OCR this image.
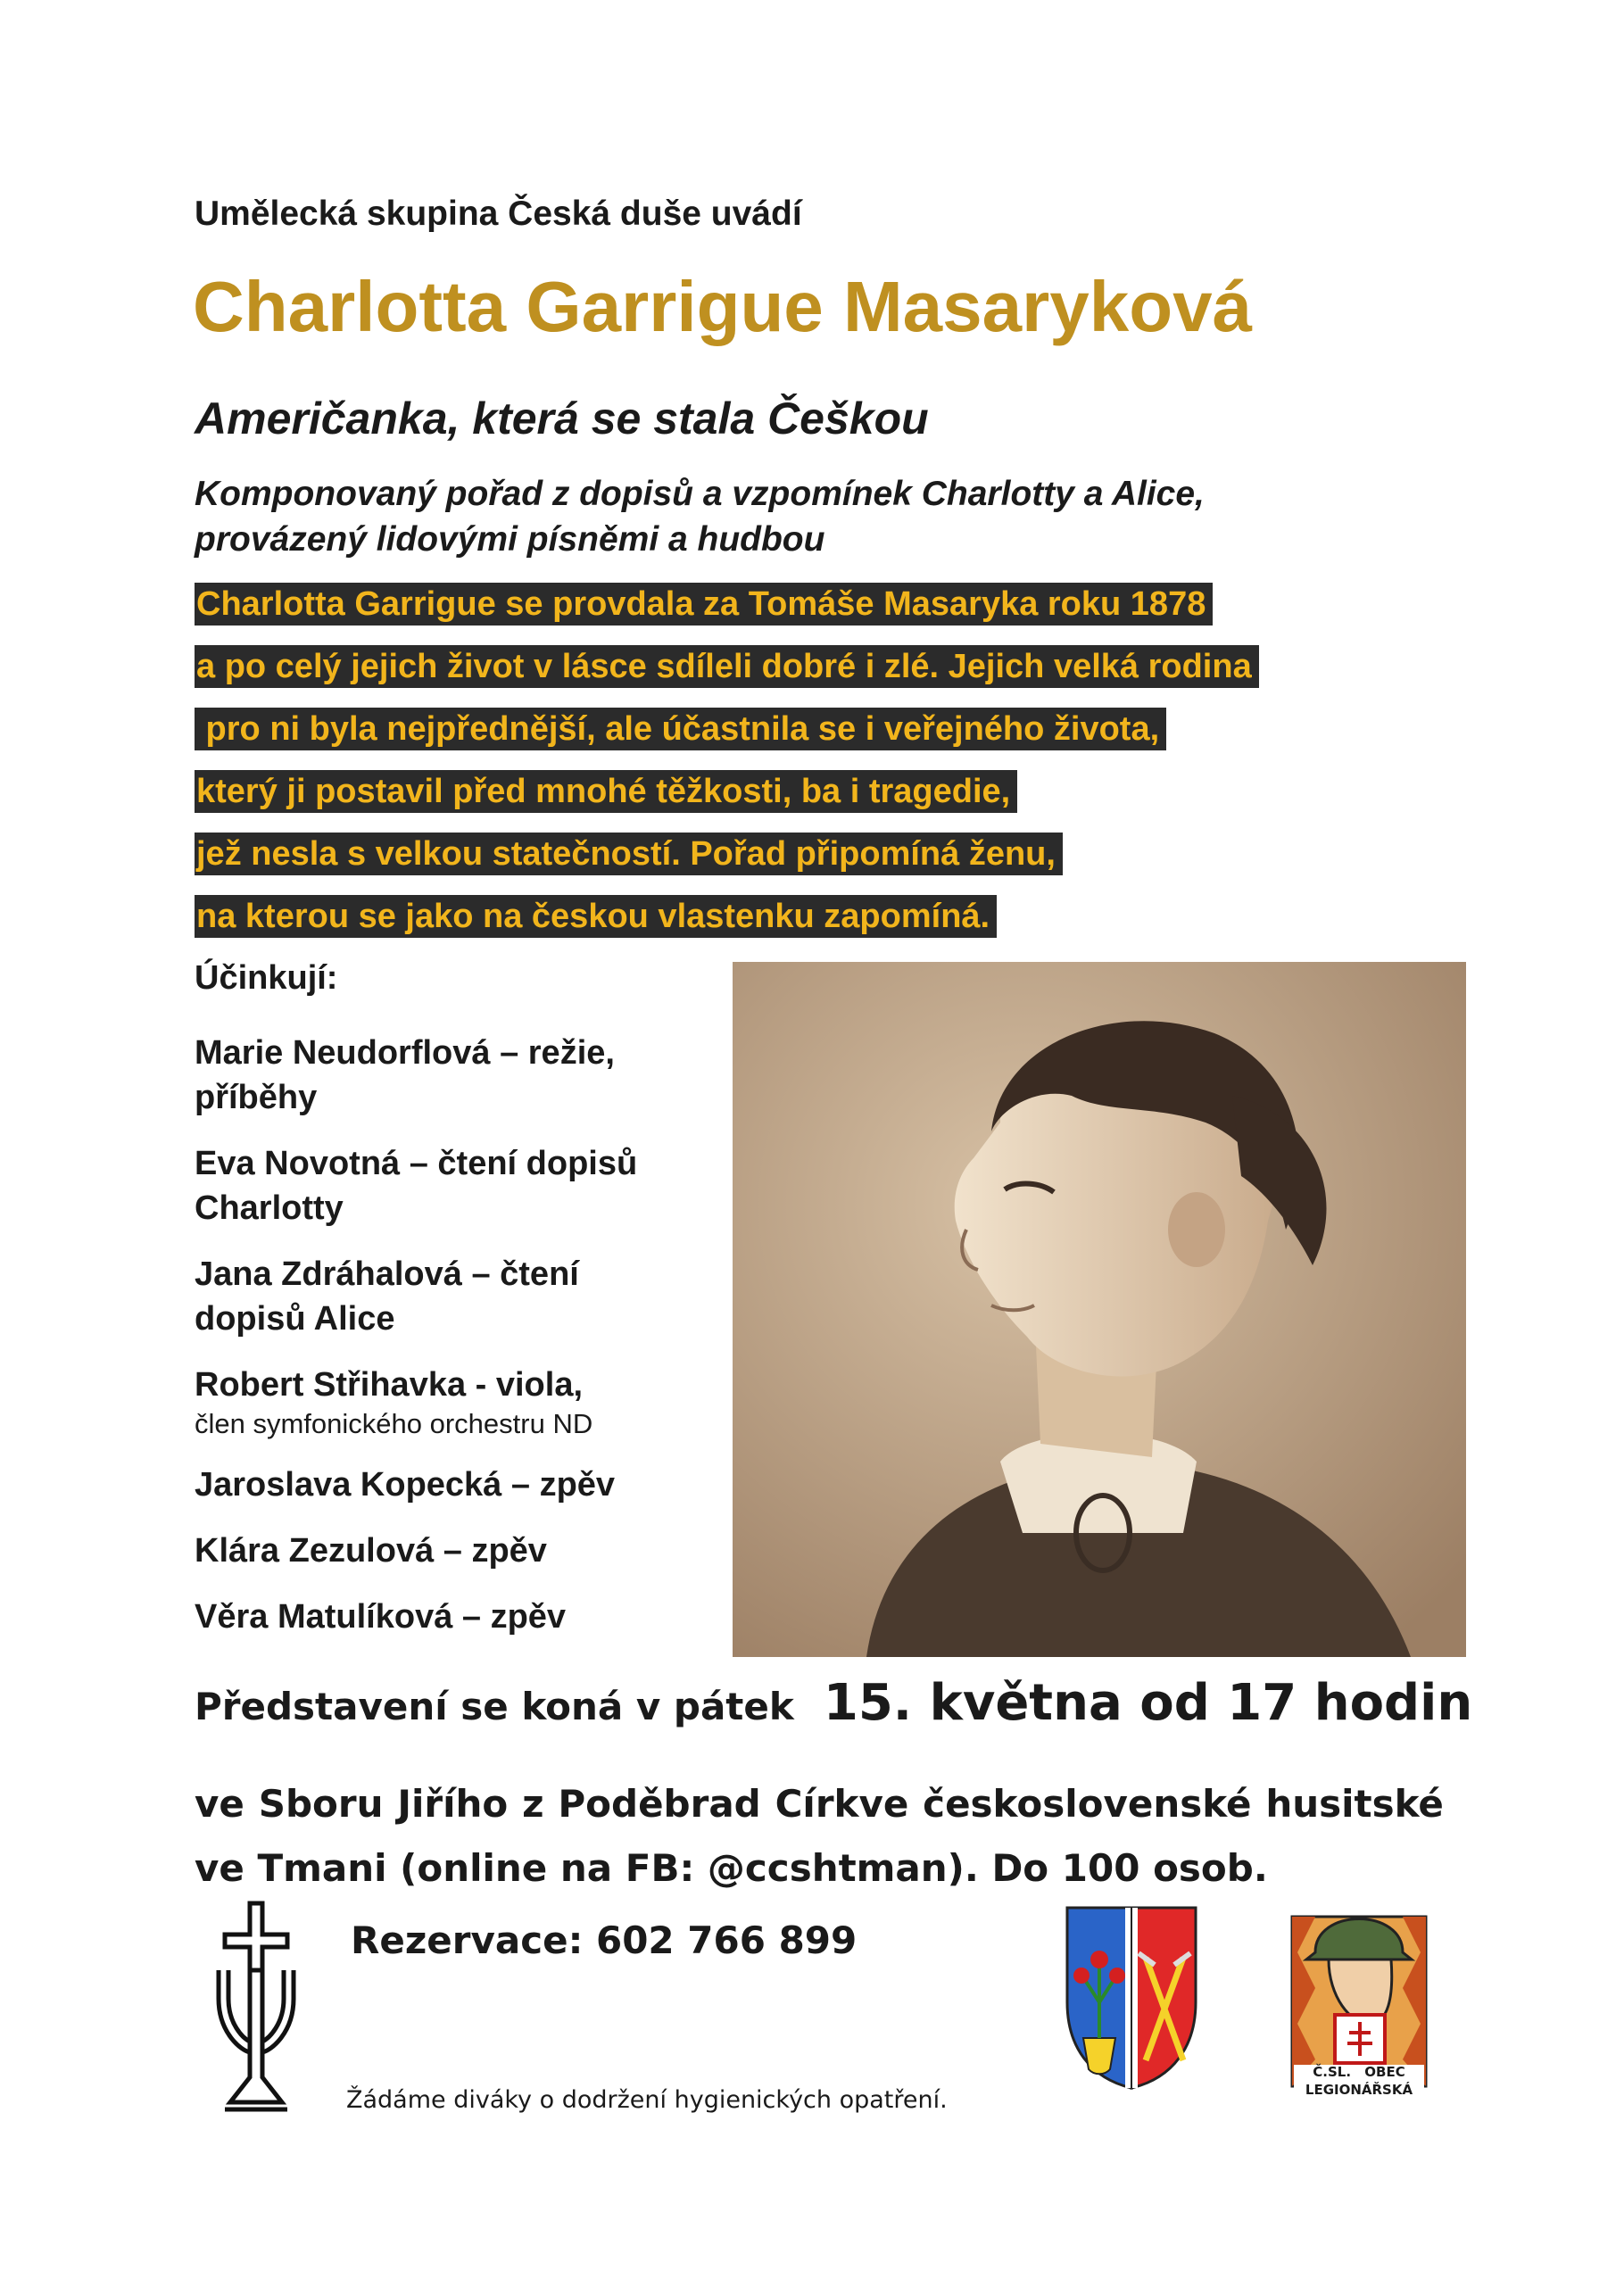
Umělecká skupina Česká duše uvádí
Charlotta Garrigue Masaryková
Američanka, která se stala Češkou
Komponovaný pořad z dopisů a vzpomínek Charlotty a Alice,
provázený lidovými písněmi a hudbou
Charlotta Garrigue se provdala za Tomáše Masaryka roku 1878
a po celý jejich život v lásce sdíleli dobré i zlé. Jejich velká rodina
pro ni byla nejpřednější, ale účastnila se i veřejného života,
který ji postavil před mnohé těžkosti, ba i tragedie,
jež nesla s velkou statečností. Pořad připomíná ženu,
na kterou se jako na českou vlastenku zapomíná.
Účinkují:
Marie Neudorflová – režie,
příběhy
Eva Novotná – čtení dopisů
Charlotty
Jana Zdráhalová – čtení
dopisů Alice
Robert Střihavka - viola,
člen symfonického orchestru ND
Jaroslava Kopecká – zpěv
Klára Zezulová – zpěv
Věra Matulíková – zpěv
Představení se koná v pátek 15. května od 17 hodin
ve Sboru Jiřího z Poděbrad Církve československé husitské
ve Tmani (online na FB: @ccshtman). Do 100 osob.
Rezervace: 602 766 899
Č.SL. OBEC
LEGIONÁŘSKÁ
Žádáme diváky o dodržení hygienických opatření.
